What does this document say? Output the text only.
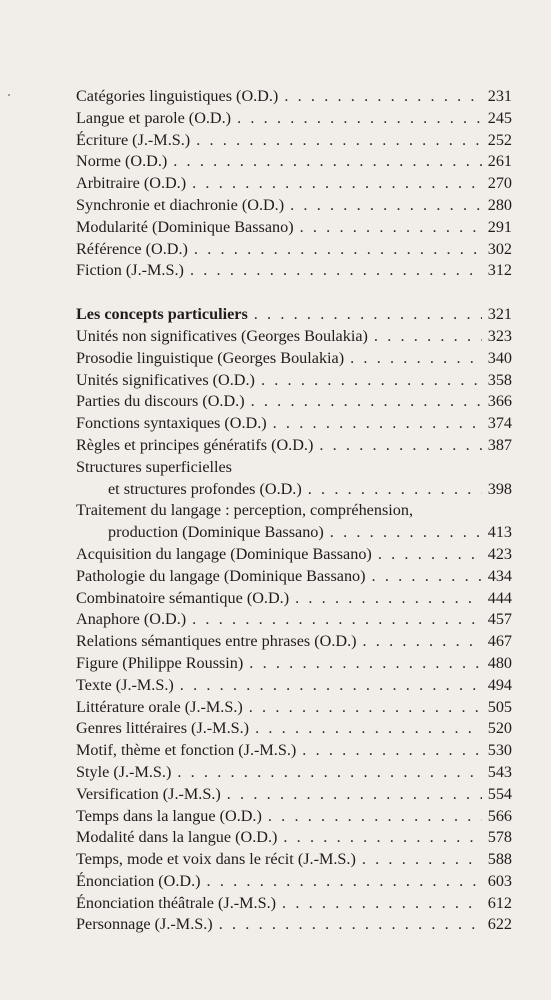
Catégories linguistiques (O.D.) . . .	231
Langue et parole (O.D.) . . .	245
Écriture (J.-M.S.) . . .	252
Norme (O.D.) . . .	261
Arbitraire (O.D.) . . .	270
Synchronie et diachronie (O.D.) . . .	280
Modularité (Dominique Bassano) . . .	291
Référence (O.D.) . . .	302
Fiction (J.-M.S.) . . .	312
Les concepts particuliers . . .	321
Unités non significatives (Georges Boulakia) . . .	323
Prosodie linguistique (Georges Boulakia) . . .	340
Unités significatives (O.D.) . . .	358
Parties du discours (O.D.) . . .	366
Fonctions syntaxiques (O.D.) . . .	374
Règles et principes génératifs (O.D.) . . .	387
Structures superficielles
et structures profondes (O.D.) . . .	398
Traitement du langage : perception, compréhension,
production (Dominique Bassano) . . .	413
Acquisition du langage (Dominique Bassano) . . .	423
Pathologie du langage (Dominique Bassano) . . .	434
Combinatoire sémantique (O.D.) . . .	444
Anaphore (O.D.) . . .	457
Relations sémantiques entre phrases (O.D.) . . .	467
Figure (Philippe Roussin) . . .	480
Texte (J.-M.S.) . . .	494
Littérature orale (J.-M.S.) . . .	505
Genres littéraires (J.-M.S.) . . .	520
Motif, thème et fonction (J.-M.S.) . . .	530
Style (J.-M.S.) . . .	543
Versification (J.-M.S.) . . .	554
Temps dans la langue (O.D.) . . .	566
Modalité dans la langue (O.D.) . . .	578
Temps, mode et voix dans le récit (J.-M.S.) . . .	588
Énonciation (O.D.) . . .	603
Énonciation théâtrale (J.-M.S.) . . .	612
Personnage (J.-M.S.) . . .	622
